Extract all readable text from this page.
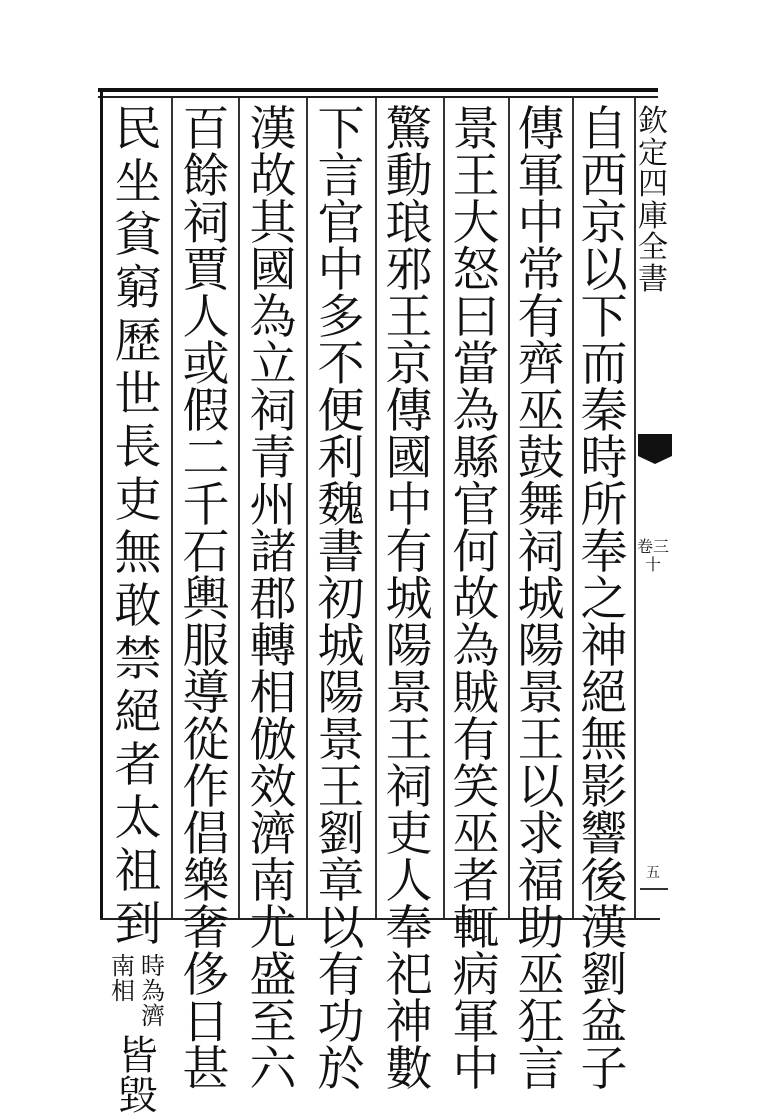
欽定四庫全書
卷三十
五
自
西
京
以
下
而
秦
時
所
奉
之
神
絕
無
影
響
後
漢
劉
盆
子
傳
軍
中
常
有
齊
巫
鼓
舞
祠
城
陽
景
王
以
求
福
助
巫
狂
言
景
王
大
怒
曰
當
為
縣
官
何
故
為
賊
有
笑
巫
者
輒
病
軍
中
驚
動
琅
邪
王
京
傳
國
中
有
城
陽
景
王
祠
吏
人
奉
祀
神
數
下
言
官
中
多
不
便
利
魏
書
初
城
陽
景
王
劉
章
以
有
功
於
漢
故
其
國
為
立
祠
青
州
諸
郡
轉
相
倣
效
濟
南
尤
盛
至
六
百
餘
祠
賈
人
或
假
二
千
石
輿
服
導
從
作
倡
樂
奢
侈
日
甚
民
坐
貧
窮
歷
世
長
吏
無
敢
禁
絕
者
太
祖
到
時
為
濟
南
相
皆
毀
